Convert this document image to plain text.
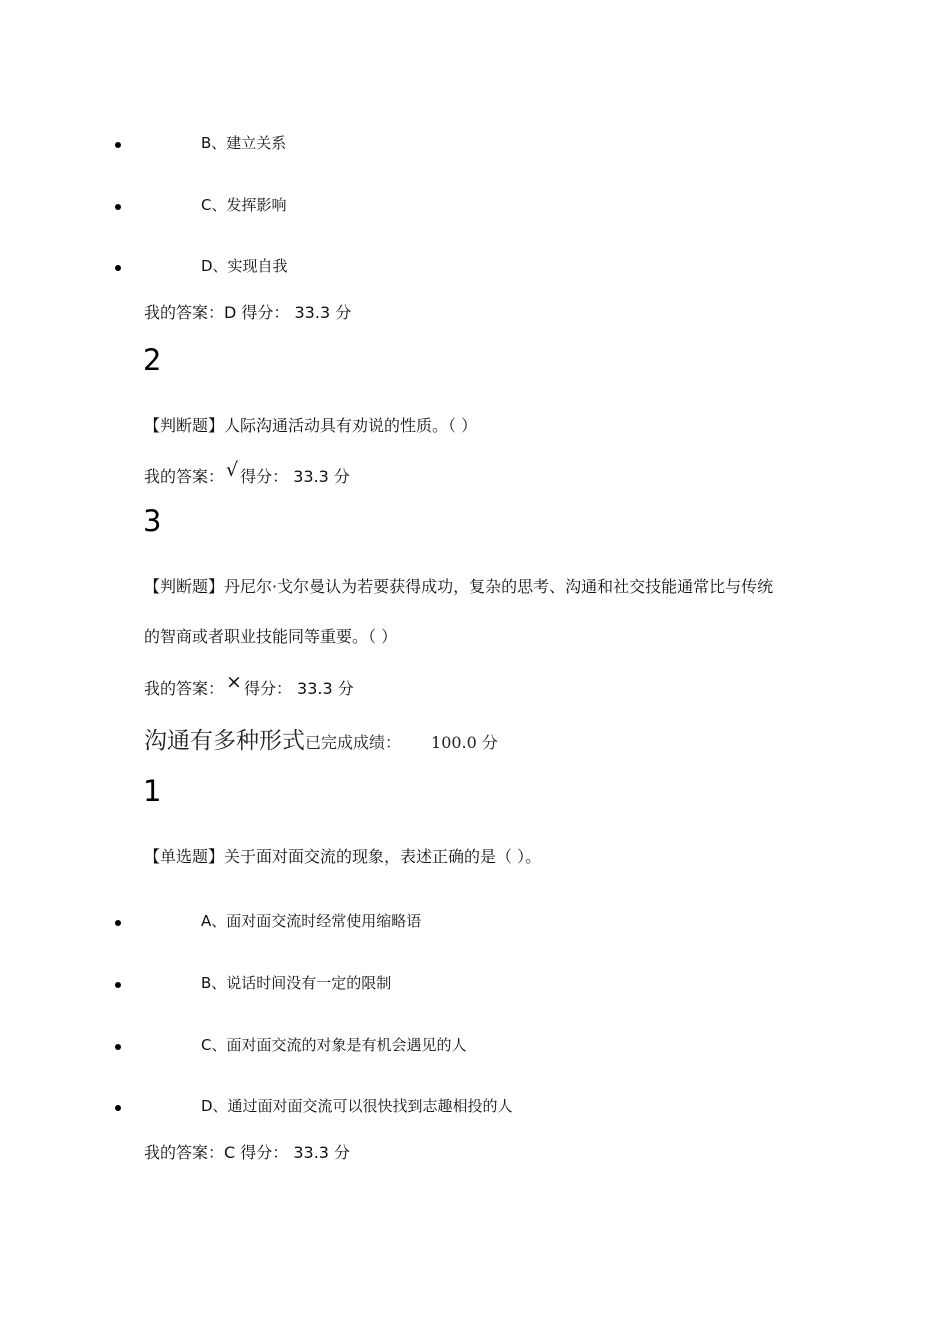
B、建立关系
C、发挥影响
D、实现自我
我的答案：D 得分： 33.3 分
2
【判断题】人际沟通活动具有劝说的性质。（ ）
我的答案： √ 得分： 33.3 分
3
【判断题】丹尼尔·戈尔曼认为若要获得成功，复杂的思考、沟通和社交技能通常比与传统
的智商或者职业技能同等重要。（ ）
我的答案： × 得分： 33.3 分
沟通有多种形式已完成成绩： 100.0 分
1
【单选题】关于面对面交流的现象，表述正确的是（ ）。
A、面对面交流时经常使用缩略语
B、说话时间没有一定的限制
C、面对面交流的对象是有机会遇见的人
D、通过面对面交流可以很快找到志趣相投的人
我的答案：C 得分： 33.3 分
